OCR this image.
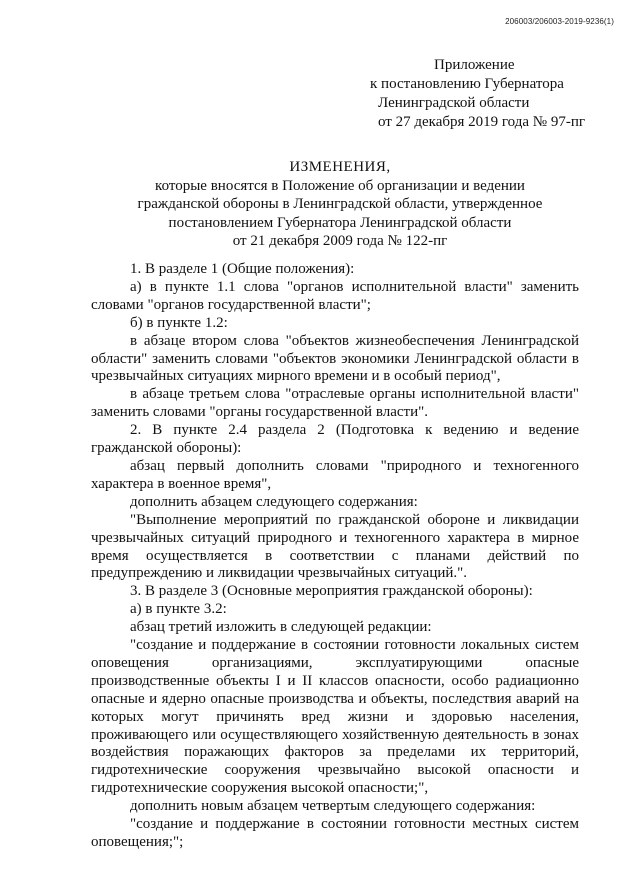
206003/206003-2019-9236(1)
Приложение
к постановлению Губернатора
Ленинградской области
от 27 декабря 2019 года № 97-пг
ИЗМЕНЕНИЯ,
которые вносятся в Положение об организации и ведении
гражданской обороны в Ленинградской области, утвержденное
постановлением Губернатора Ленинградской области
от 21 декабря 2009 года № 122-пг

1. В разделе 1 (Общие положения):

а) в пункте 1.1 слова "органов исполнительной власти" заменить словами "органов государственной власти";

б) в пункте 1.2:

в абзаце втором слова "объектов жизнеобеспечения Ленинградской области" заменить словами "объектов экономики Ленинградской области в чрезвычайных ситуациях мирного времени и в особый период",

в абзаце третьем слова "отраслевые органы исполнительной власти" заменить словами "органы государственной власти".

2. В пункте 2.4 раздела 2 (Подготовка к ведению и ведение гражданской обороны):

абзац первый дополнить словами "природного и техногенного характера в военное время",

дополнить абзацем следующего содержания:

"Выполнение мероприятий по гражданской обороне и ликвидации чрезвычайных ситуаций природного и техногенного характера в мирное время осуществляется в соответствии с планами действий по предупреждению и ликвидации чрезвычайных ситуаций.".

3. В разделе 3 (Основные мероприятия гражданской обороны):

а) в пункте 3.2:

абзац третий изложить в следующей редакции:

"создание и поддержание в состоянии готовности локальных систем оповещения организациями, эксплуатирующими опасные производственные объекты I и II классов опасности, особо радиационно опасные и ядерно опасные производства и объекты, последствия аварий на которых могут причинять вред жизни и здоровью населения, проживающего или осуществляющего хозяйственную деятельность в зонах воздействия поражающих факторов за пределами их территорий, гидротехнические сооружения чрезвычайно высокой опасности и гидротехнические сооружения высокой опасности;",

дополнить новым абзацем четвертым следующего содержания:

"создание и поддержание в состоянии готовности местных систем оповещения;";
